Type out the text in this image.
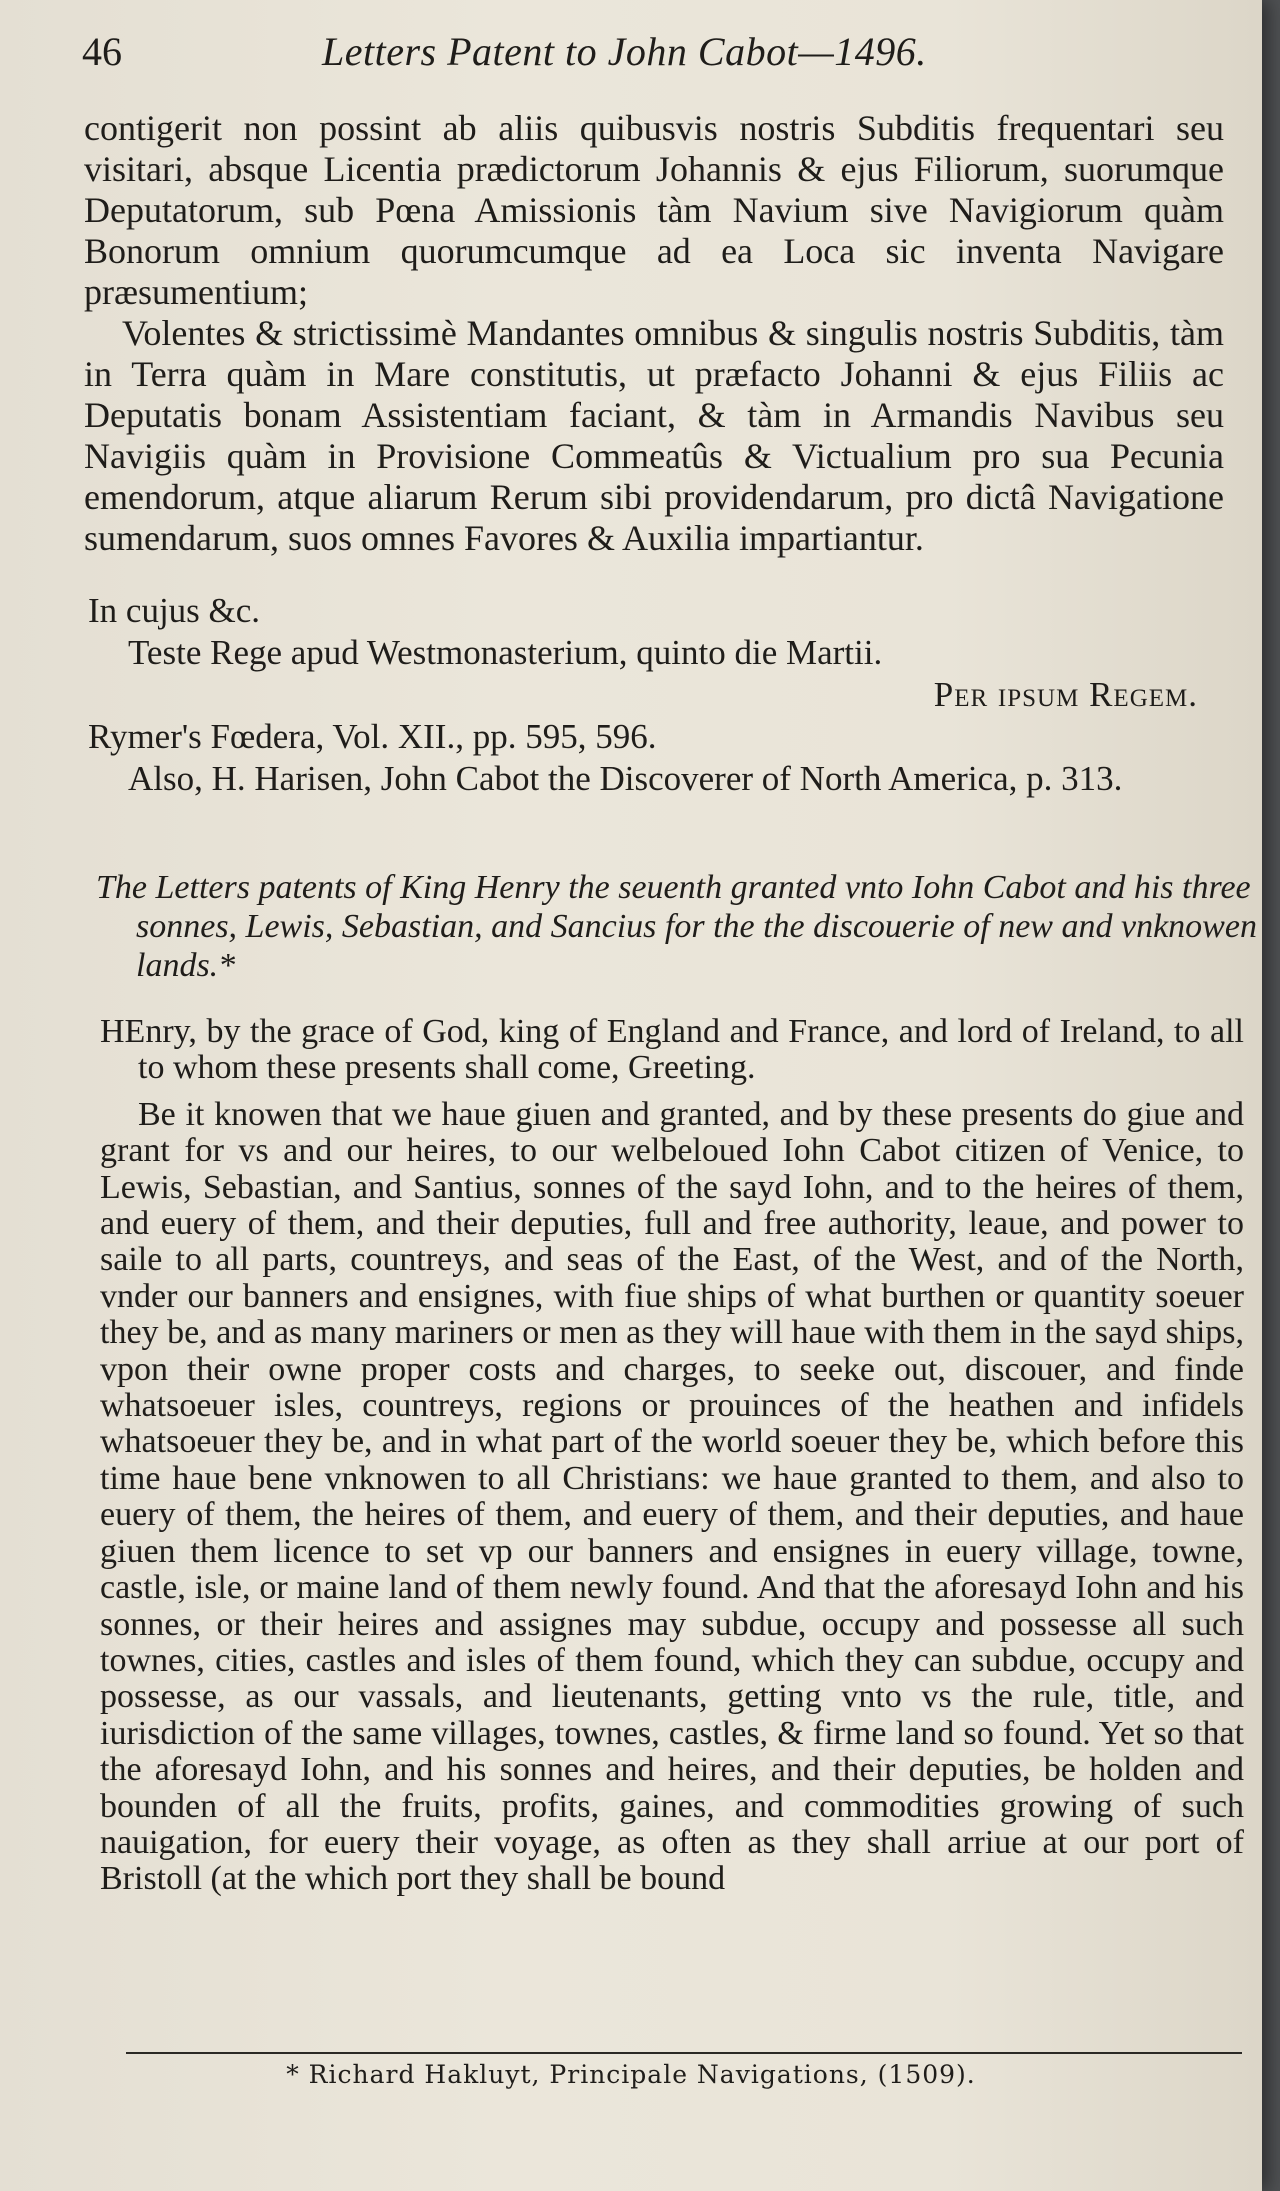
46	Letters Patent to John Cabot—1496.

contigerit non possint ab aliis quibusvis nostris Subditis frequentari seu visitari, absque Licentia prædictorum Johannis & ejus Filiorum, suorumque Deputatorum, sub Pœna Amissionis tàm Navium sive Navigiorum quàm Bonorum omnium quorumcumque ad ea Loca sic inventa Navigare præsumentium;

Volentes & strictissimè Mandantes omnibus & singulis nostris Subditis, tàm in Terra quàm in Mare constitutis, ut præfacto Johanni & ejus Filiis ac Deputatis bonam Assistentiam faciant, & tàm in Armandis Navibus seu Navigiis quàm in Provisione Commeatûs & Victualium pro sua Pecunia emendorum, atque aliarum Rerum sibi providendarum, pro dictâ Navigatione sumendarum, suos omnes Favores & Auxilia impartiantur.

In cujus &c.
Teste Rege apud Westmonasterium, quinto die Martii.
Per ipsum Regem.
Rymer's Fœdera, Vol. XII., pp. 595, 596.
Also, H. Harisen, John Cabot the Discoverer of North America, p. 313.
The Letters patents of King Henry the seuenth granted vnto Iohn Cabot and his three sonnes, Lewis, Sebastian, and Sancius for the the discouerie of new and vnknowen lands.*

HEnry, by the grace of God, king of England and France, and lord of Ireland, to all to whom these presents shall come, Greeting.

Be it knowen that we haue giuen and granted, and by these presents do giue and grant for vs and our heires, to our welbeloued Iohn Cabot citizen of Venice, to Lewis, Sebastian, and Santius, sonnes of the sayd Iohn, and to the heires of them, and euery of them, and their deputies, full and free authority, leaue, and power to saile to all parts, countreys, and seas of the East, of the West, and of the North, vnder our banners and ensignes, with fiue ships of what burthen or quantity soeuer they be, and as many mariners or men as they will haue with them in the sayd ships, vpon their owne proper costs and charges, to seeke out, discouer, and finde whatsoeuer isles, countreys, regions or prouinces of the heathen and infidels whatsoeuer they be, and in what part of the world soeuer they be, which before this time haue bene vnknowen to all Christians: we haue granted to them, and also to euery of them, the heires of them, and euery of them, and their deputies, and haue giuen them licence to set vp our banners and ensignes in euery village, towne, castle, isle, or maine land of them newly found. And that the aforesayd Iohn and his sonnes, or their heires and assignes may subdue, occupy and possesse all such townes, cities, castles and isles of them found, which they can subdue, occupy and possesse, as our vassals, and lieutenants, getting vnto vs the rule, title, and iurisdiction of the same villages, townes, castles, & firme land so found. Yet so that the aforesayd Iohn, and his sonnes and heires, and their deputies, be holden and bounden of all the fruits, profits, gaines, and commodities growing of such nauigation, for euery their voyage, as often as they shall arriue at our port of Bristoll (at the which port they shall be bound

* Richard Hakluyt, Principale Navigations, (1509).
